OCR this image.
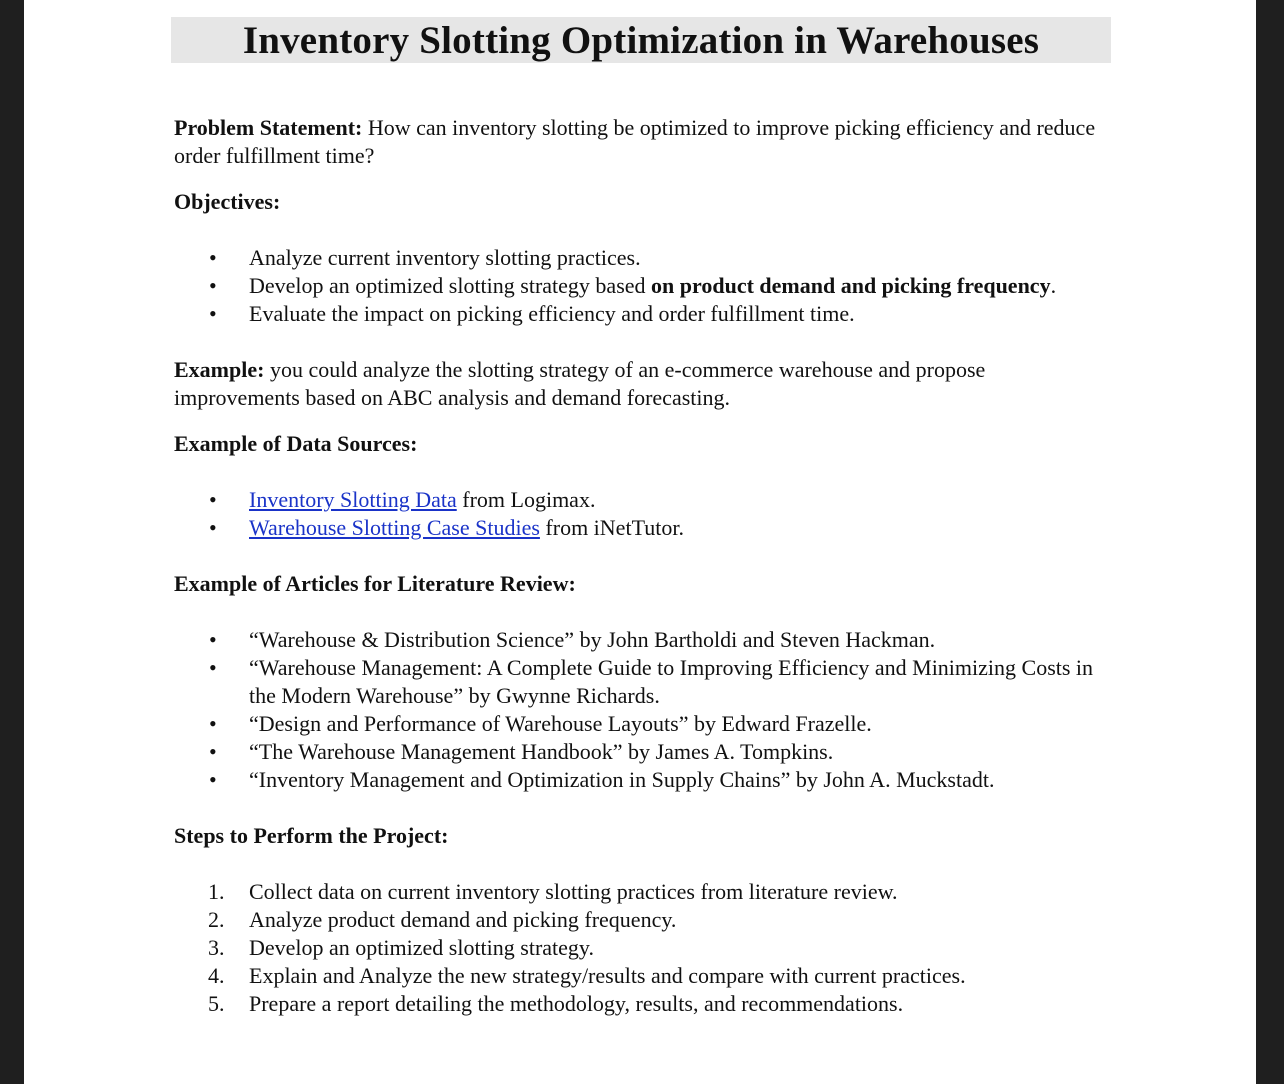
Inventory Slotting Optimization in Warehouses

Problem Statement: How can inventory slotting be optimized to improve picking efficiency and reduce order fulfillment time?

Objectives:

• Analyze current inventory slotting practices.
• Develop an optimized slotting strategy based on product demand and picking frequency.
• Evaluate the impact on picking efficiency and order fulfillment time.

Example: you could analyze the slotting strategy of an e-commerce warehouse and propose improvements based on ABC analysis and demand forecasting.

Example of Data Sources:

• Inventory Slotting Data from Logimax.
• Warehouse Slotting Case Studies from iNetTutor.

Example of Articles for Literature Review:

• “Warehouse & Distribution Science” by John Bartholdi and Steven Hackman.
• “Warehouse Management: A Complete Guide to Improving Efficiency and Minimizing Costs in the Modern Warehouse” by Gwynne Richards.
• “Design and Performance of Warehouse Layouts” by Edward Frazelle.
• “The Warehouse Management Handbook” by James A. Tompkins.
• “Inventory Management and Optimization in Supply Chains” by John A. Muckstadt.

Steps to Perform the Project:

1. Collect data on current inventory slotting practices from literature review.
2. Analyze product demand and picking frequency.
3. Develop an optimized slotting strategy.
4. Explain and Analyze the new strategy/results and compare with current practices.
5. Prepare a report detailing the methodology, results, and recommendations.
